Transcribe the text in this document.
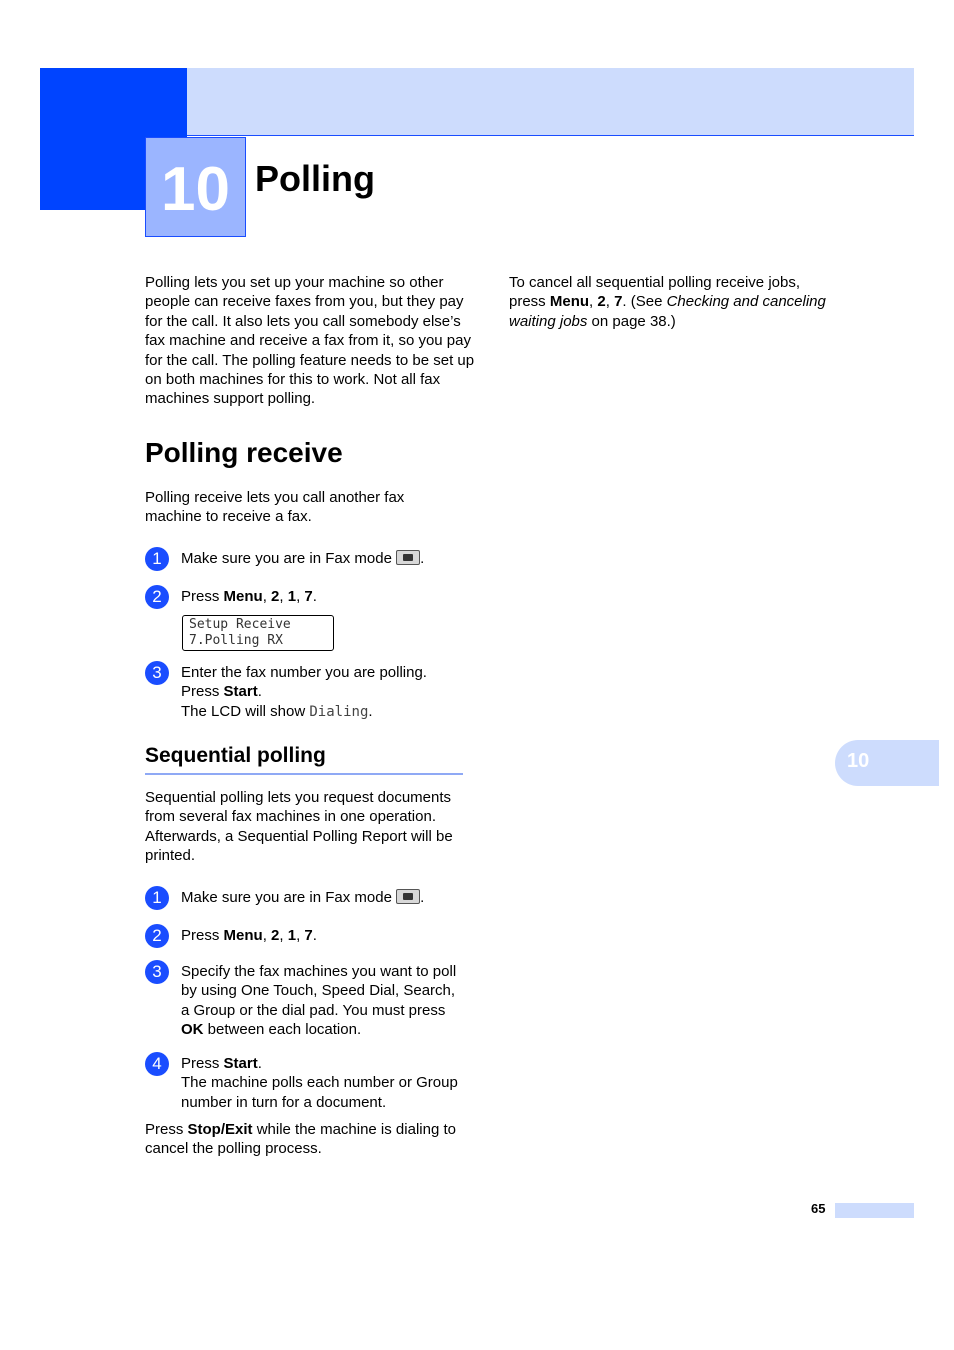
10 Polling

Polling lets you set up your machine so other people can receive faxes from you, but they pay for the call. It also lets you call somebody else’s fax machine and receive a fax from it, so you pay for the call. The polling feature needs to be set up on both machines for this to work. Not all fax machines support polling.

To cancel all sequential polling receive jobs, press Menu, 2, 7. (See Checking and canceling waiting jobs on page 38.)

Polling receive

Polling receive lets you call another fax machine to receive a fax.

1	Make sure you are in Fax mode .
2	Press Menu, 2, 1, 7.
Setup Receive
7.Polling RX
3	Enter the fax number you are polling.
Press Start.
The LCD will show Dialing.
Sequential polling

Sequential polling lets you request documents from several fax machines in one operation. Afterwards, a Sequential Polling Report will be printed.

1	Make sure you are in Fax mode .
2	Press Menu, 2, 1, 7.
3	Specify the fax machines you want to poll by using One Touch, Speed Dial, Search, a Group or the dial pad. You must press OK between each location.
4	Press Start.
The machine polls each number or Group number in turn for a document.

Press Stop/Exit while the machine is dialing to cancel the polling process.

10
65
